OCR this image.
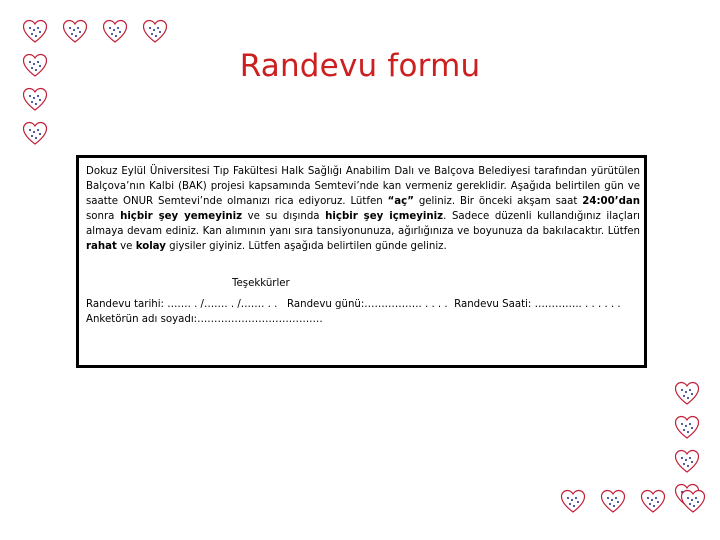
Randevu formu

Dokuz Eylül Üniversitesi Tıp Fakültesi Halk Sağlığı Anabilim Dalı ve Balçova Belediyesi tarafından yürütülen Balçova’nın Kalbi (BAK) projesi kapsamında Semtevi’nde kan vermeniz gereklidir. Aşağıda belirtilen gün ve saatte ONUR Semtevi’nde olmanızı rica ediyoruz. Lütfen “aç” geliniz. Bir önceki akşam saat 24:00’dan sonra hiçbir şey yemeyiniz ve su dışında hiçbir şey içmeyiniz. Sadece düzenli kullandığınız ilaçları almaya devam ediniz. Kan alımının yanı sıra tansiyonunuza, ağırlığınıza ve boyunuza da bakılacaktır. Lütfen rahat ve kolay giysiler giyiniz. Lütfen aşağıda belirtilen günde geliniz.

Teşekkürler
Randevu tarihi: ……. . /……. . /……. . .   Randevu günü:…………….. . . . .  Randevu Saati: ………….. . . . . . .
Anketörün adı soyadı:……………………………….
